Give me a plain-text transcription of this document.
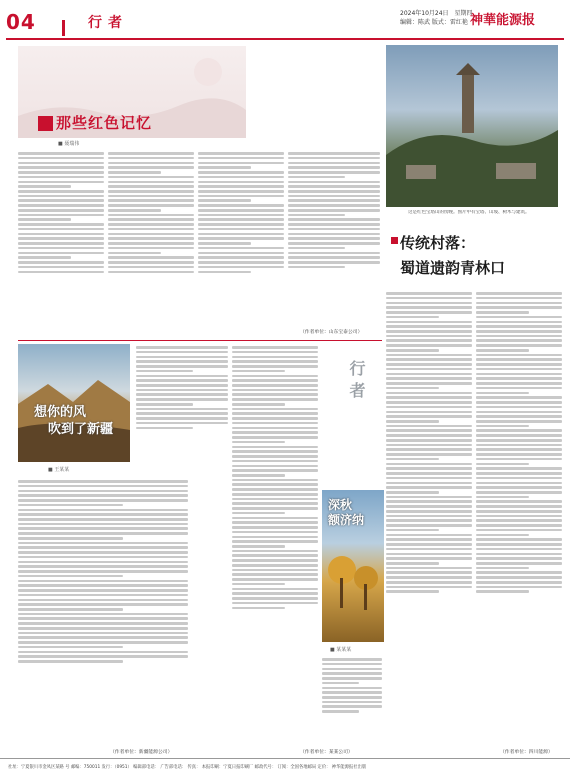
04	行者
2024年10月24日　星期四
编辑：陈武 版式：雷红艳 神華能源报
那些红色记忆
■ 聂瑞伟
（作者单位：山东宝泰公司）
这是红色宝塔山的傍晚。图片中有宝塔、山坡、树木与建筑。
传统村落：
蜀道遗韵青林口
（作者单位：四川能源）
想你的风
吹到了新疆
■ 王某某
（作者单位：新疆能源公司）
深秋
额济纳
■ 某某某
行者
（作者单位：某某公司）
社址：宁夏银川市金凤区某路 号 邮编：750011 发行：（0951） 编辑部电话： 广告部电话： 传真： 本报印刷：宁夏日报印刷厂 邮政代号： 订阅：全国各地邮局 定价： 神华能源报社出版
